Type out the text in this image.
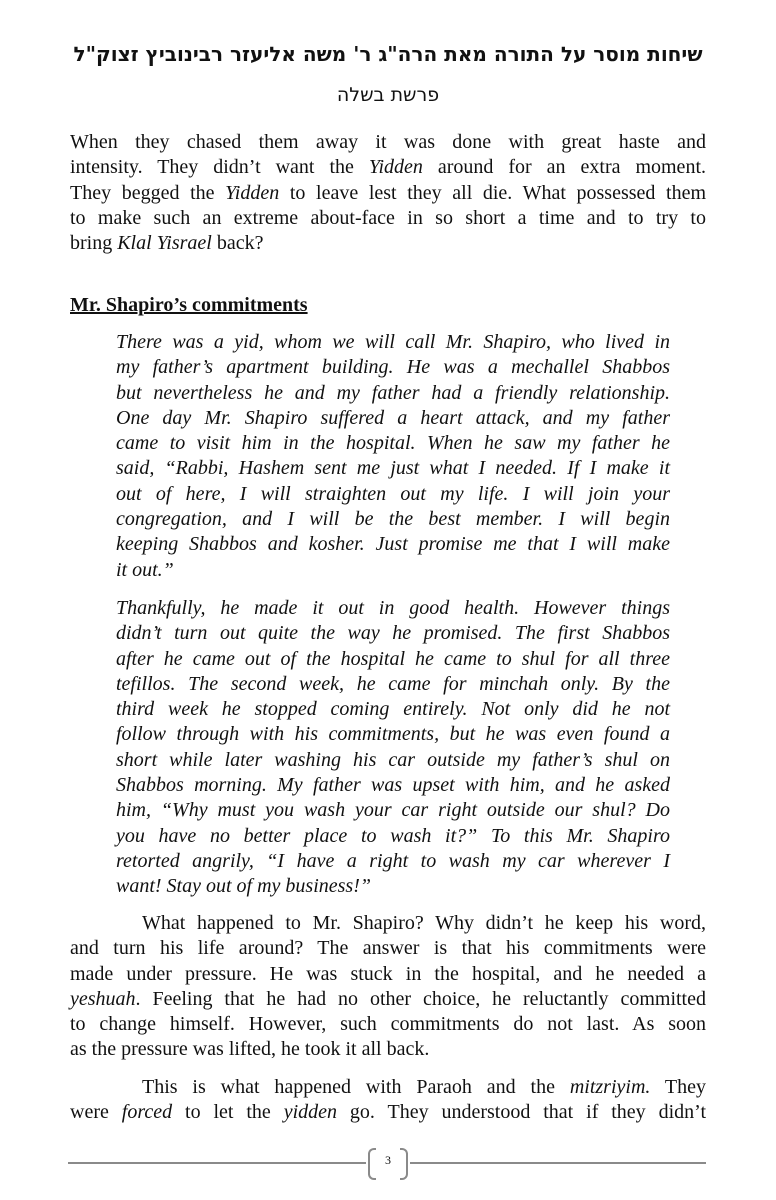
שיחות מוסר על התורה מאת הרה"ג ר' משה אליעזר רבינוביץ זצוק"ל
פרשת בשלה
When they chased them away it was done with great haste and
intensity. They didn’t want the Yidden around for an extra moment.
They begged the Yidden to leave lest they all die. What possessed them
to make such an extreme about-face in so short a time and to try to
bring Klal Yisrael back?
Mr. Shapiro’s commitments
There was a yid, whom we will call Mr. Shapiro, who lived in
my father’s apartment building. He was a mechallel Shabbos
but nevertheless he and my father had a friendly relationship.
One day Mr. Shapiro suffered a heart attack, and my father
came to visit him in the hospital. When he saw my father he
said, “Rabbi, Hashem sent me just what I needed. If I make it
out of here, I will straighten out my life. I will join your
congregation, and I will be the best member. I will begin
keeping Shabbos and kosher. Just promise me that I will make
it out.”
Thankfully, he made it out in good health. However things
didn’t turn out quite the way he promised. The first Shabbos
after he came out of the hospital he came to shul for all three
tefillos. The second week, he came for minchah only. By the
third week he stopped coming entirely. Not only did he not
follow through with his commitments, but he was even found a
short while later washing his car outside my father’s shul on
Shabbos morning. My father was upset with him, and he asked
him, “Why must you wash your car right outside our shul? Do
you have no better place to wash it?” To this Mr. Shapiro
retorted angrily, “I have a right to wash my car wherever I
want! Stay out of my business!”
What happened to Mr. Shapiro? Why didn’t he keep his word,
and turn his life around? The answer is that his commitments were
made under pressure. He was stuck in the hospital, and he needed a
yeshuah. Feeling that he had no other choice, he reluctantly committed
to change himself. However, such commitments do not last. As soon
as the pressure was lifted, he took it all back.
This is what happened with Paraoh and the mitzriyim. They
were forced to let the yidden go. They understood that if they didn’t
3
